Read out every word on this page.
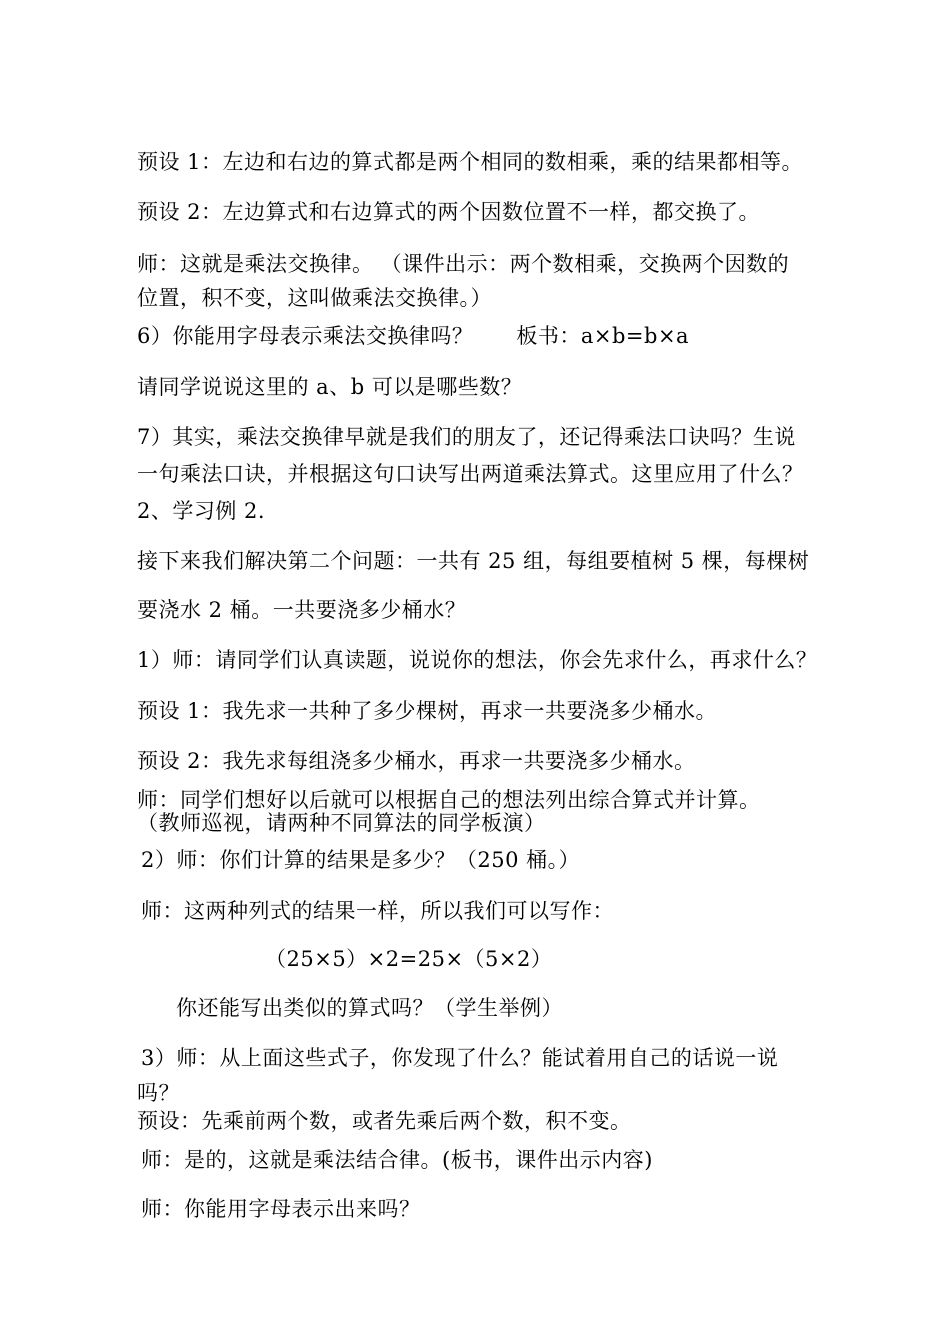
预设 1：左边和右边的算式都是两个相同的数相乘，乘的结果都相等。
预设 2：左边算式和右边算式的两个因数位置不一样，都交换了。
师：这就是乘法交换律。 （课件出示：两个数相乘，交换两个因数的
位置，积不变，这叫做乘法交换律。）
6）你能用字母表示乘法交换律吗？　　板书：a×b=b×a
请同学说说这里的 a、b 可以是哪些数？
7）其实，乘法交换律早就是我们的朋友了，还记得乘法口诀吗？生说
一句乘法口诀，并根据这句口诀写出两道乘法算式。这里应用了什么？
2、学习例 2.
接下来我们解决第二个问题：一共有 25 组，每组要植树 5 棵，每棵树
要浇水 2 桶。一共要浇多少桶水？
1）师：请同学们认真读题，说说你的想法，你会先求什么，再求什么？
预设 1：我先求一共种了多少棵树，再求一共要浇多少桶水。
预设 2：我先求每组浇多少桶水，再求一共要浇多少桶水。
师：同学们想好以后就可以根据自己的想法列出综合算式并计算。
（教师巡视，请两种不同算法的同学板演）
2）师：你们计算的结果是多少？（250 桶。）
师：这两种列式的结果一样，所以我们可以写作：
（25×5）×2=25×（5×2）
你还能写出类似的算式吗？（学生举例）
3）师：从上面这些式子，你发现了什么？能试着用自己的话说一说
吗？
预设：先乘前两个数，或者先乘后两个数，积不变。
师：是的，这就是乘法结合律。(板书，课件出示内容)
师：你能用字母表示出来吗？
